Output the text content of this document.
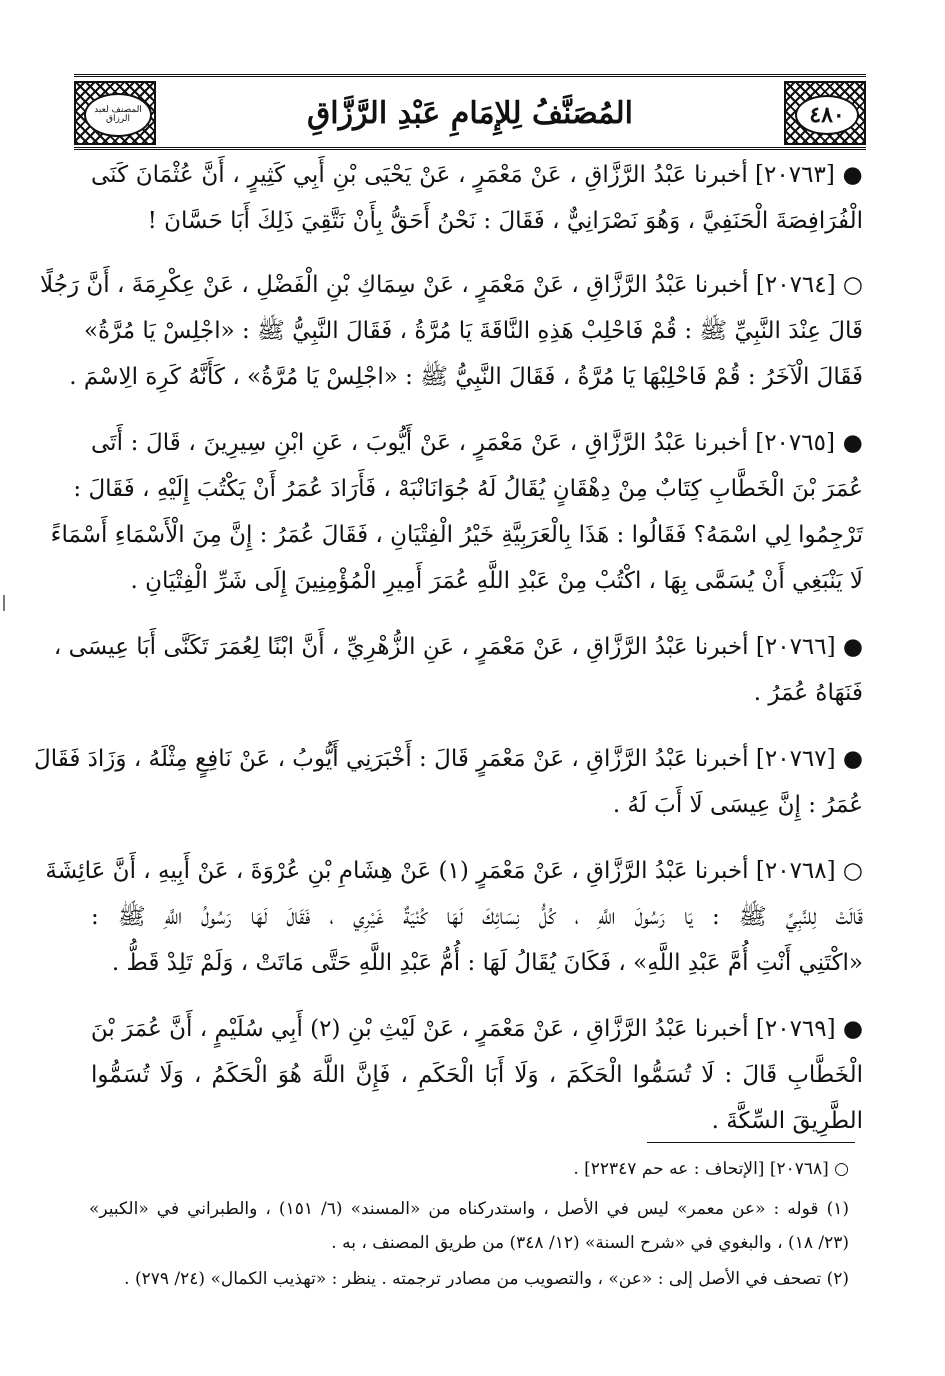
٤٨٠
المُصَنَّفُ لِلإِمَامِ عَبْدِ الرَّزَّاقِ
المصنف لعبد الرزاق
● [٢٠٧٦٣] أخبرنا عَبْدُ الرَّزَّاقِ ، عَنْ مَعْمَرٍ ، عَنْ يَحْيَى بْنِ أَبِي كَثِيرٍ ، أَنَّ عُثْمَانَ كَنَى
الْفُرَافِصَةَ الْحَنَفِيَّ ، وَهُوَ نَصْرَانِيٌّ ، فَقَالَ : نَحْنُ أَحَقُّ بِأَنْ نَتَّقِيَ ذَلِكَ أَبَا حَسَّانَ !
○ [٢٠٧٦٤] أخبرنا عَبْدُ الرَّزَّاقِ ، عَنْ مَعْمَرٍ ، عَنْ سِمَاكِ بْنِ الْفَضْلِ ، عَنْ عِكْرِمَةَ ، أَنَّ رَجُلًا
قَالَ عِنْدَ النَّبِيِّ ﷺ : قُمْ فَاحْلِبْ هَذِهِ النَّاقَةَ يَا مُرَّةُ ، فَقَالَ النَّبِيُّ ﷺ : «اجْلِسْ يَا مُرَّةُ»
فَقَالَ الْآخَرُ : قُمْ فَاحْلِبْهَا يَا مُرَّةُ ، فَقَالَ النَّبِيُّ ﷺ : «اجْلِسْ يَا مُرَّةُ» ، كَأَنَّهُ كَرِهَ الِاسْمَ .
● [٢٠٧٦٥] أخبرنا عَبْدُ الرَّزَّاقِ ، عَنْ مَعْمَرٍ ، عَنْ أَيُّوبَ ، عَنِ ابْنِ سِيرِينَ ، قَالَ : أَتَى
عُمَرَ بْنَ الْخَطَّابِ كِتَابٌ مِنْ دِهْقَانٍ يُقَالُ لَهُ جُوَانَانْبَهْ ، فَأَرَادَ عُمَرُ أَنْ يَكْتُبَ إِلَيْهِ ، فَقَالَ :
تَرْجِمُوا لِي اسْمَهُ؟ فَقَالُوا : هَذَا بِالْعَرَبِيَّةِ خَيْرُ الْفِتْيَانِ ، فَقَالَ عُمَرُ : إِنَّ مِنَ الْأَسْمَاءِ أَسْمَاءً
لَا يَنْبَغِي أَنْ يُسَمَّى بِهَا ، اكْتُبْ مِنْ عَبْدِ اللَّهِ عُمَرَ أَمِيرِ الْمُؤْمِنِينَ إِلَى شَرِّ الْفِتْيَانِ .
● [٢٠٧٦٦] أخبرنا عَبْدُ الرَّزَّاقِ ، عَنْ مَعْمَرٍ ، عَنِ الزُّهْرِيِّ ، أَنَّ ابْنًا لِعُمَرَ تَكَنَّى أَبَا عِيسَى ،
فَنَهَاهُ عُمَرُ .
● [٢٠٧٦٧] أخبرنا عَبْدُ الرَّزَّاقِ ، عَنْ مَعْمَرٍ قَالَ : أَخْبَرَنِي أَيُّوبُ ، عَنْ نَافِعٍ مِثْلَهُ ، وَزَادَ فَقَالَ
عُمَرُ : إِنَّ عِيسَى لَا أَبَ لَهُ .
○ [٢٠٧٦٨] أخبرنا عَبْدُ الرَّزَّاقِ ، عَنْ مَعْمَرٍ (١) عَنْ هِشَامِ بْنِ عُرْوَةَ ، عَنْ أَبِيهِ ، أَنَّ عَائِشَةَ
قَالَتْ لِلنَّبِيِّ ﷺ : يَا رَسُولَ اللَّهِ ، كُلُّ نِسَائِكَ لَهَا كُنْيَةٌ غَيْرِي ، فَقَالَ لَهَا رَسُولُ اللَّهِ ﷺ :
«اكْتَنِي أَنْتِ أُمَّ عَبْدِ اللَّهِ» ، فَكَانَ يُقَالُ لَهَا : أُمُّ عَبْدِ اللَّهِ حَتَّى مَاتَتْ ، وَلَمْ تَلِدْ قَطُّ .
● [٢٠٧٦٩] أخبرنا عَبْدُ الرَّزَّاقِ ، عَنْ مَعْمَرٍ ، عَنْ لَيْثِ بْنِ (٢) أَبِي سُلَيْمٍ ، أَنَّ عُمَرَ بْنَ
الْخَطَّابِ قَالَ : لَا تُسَمُّوا الْحَكَمَ ، وَلَا أَبَا الْحَكَمِ ، فَإِنَّ اللَّهَ هُوَ الْحَكَمُ ، وَلَا تُسَمُّوا
الطَّرِيقَ السِّكَّةَ .
○ [٢٠٧٦٨] [الإتحاف : عه حم ٢٢٣٤٧] .
(١) قوله : «عن معمر» ليس في الأصل ، واستدركناه من «المسند» (٦/ ١٥١) ، والطبراني في «الكبير»
(٢٣/ ١٨) ، والبغوي في «شرح السنة» (١٢/ ٣٤٨) من طريق المصنف ، به .
(٢) تصحف في الأصل إلى : «عن» ، والتصويب من مصادر ترجمته . ينظر : «تهذيب الكمال» (٢٤/ ٢٧٩) .
